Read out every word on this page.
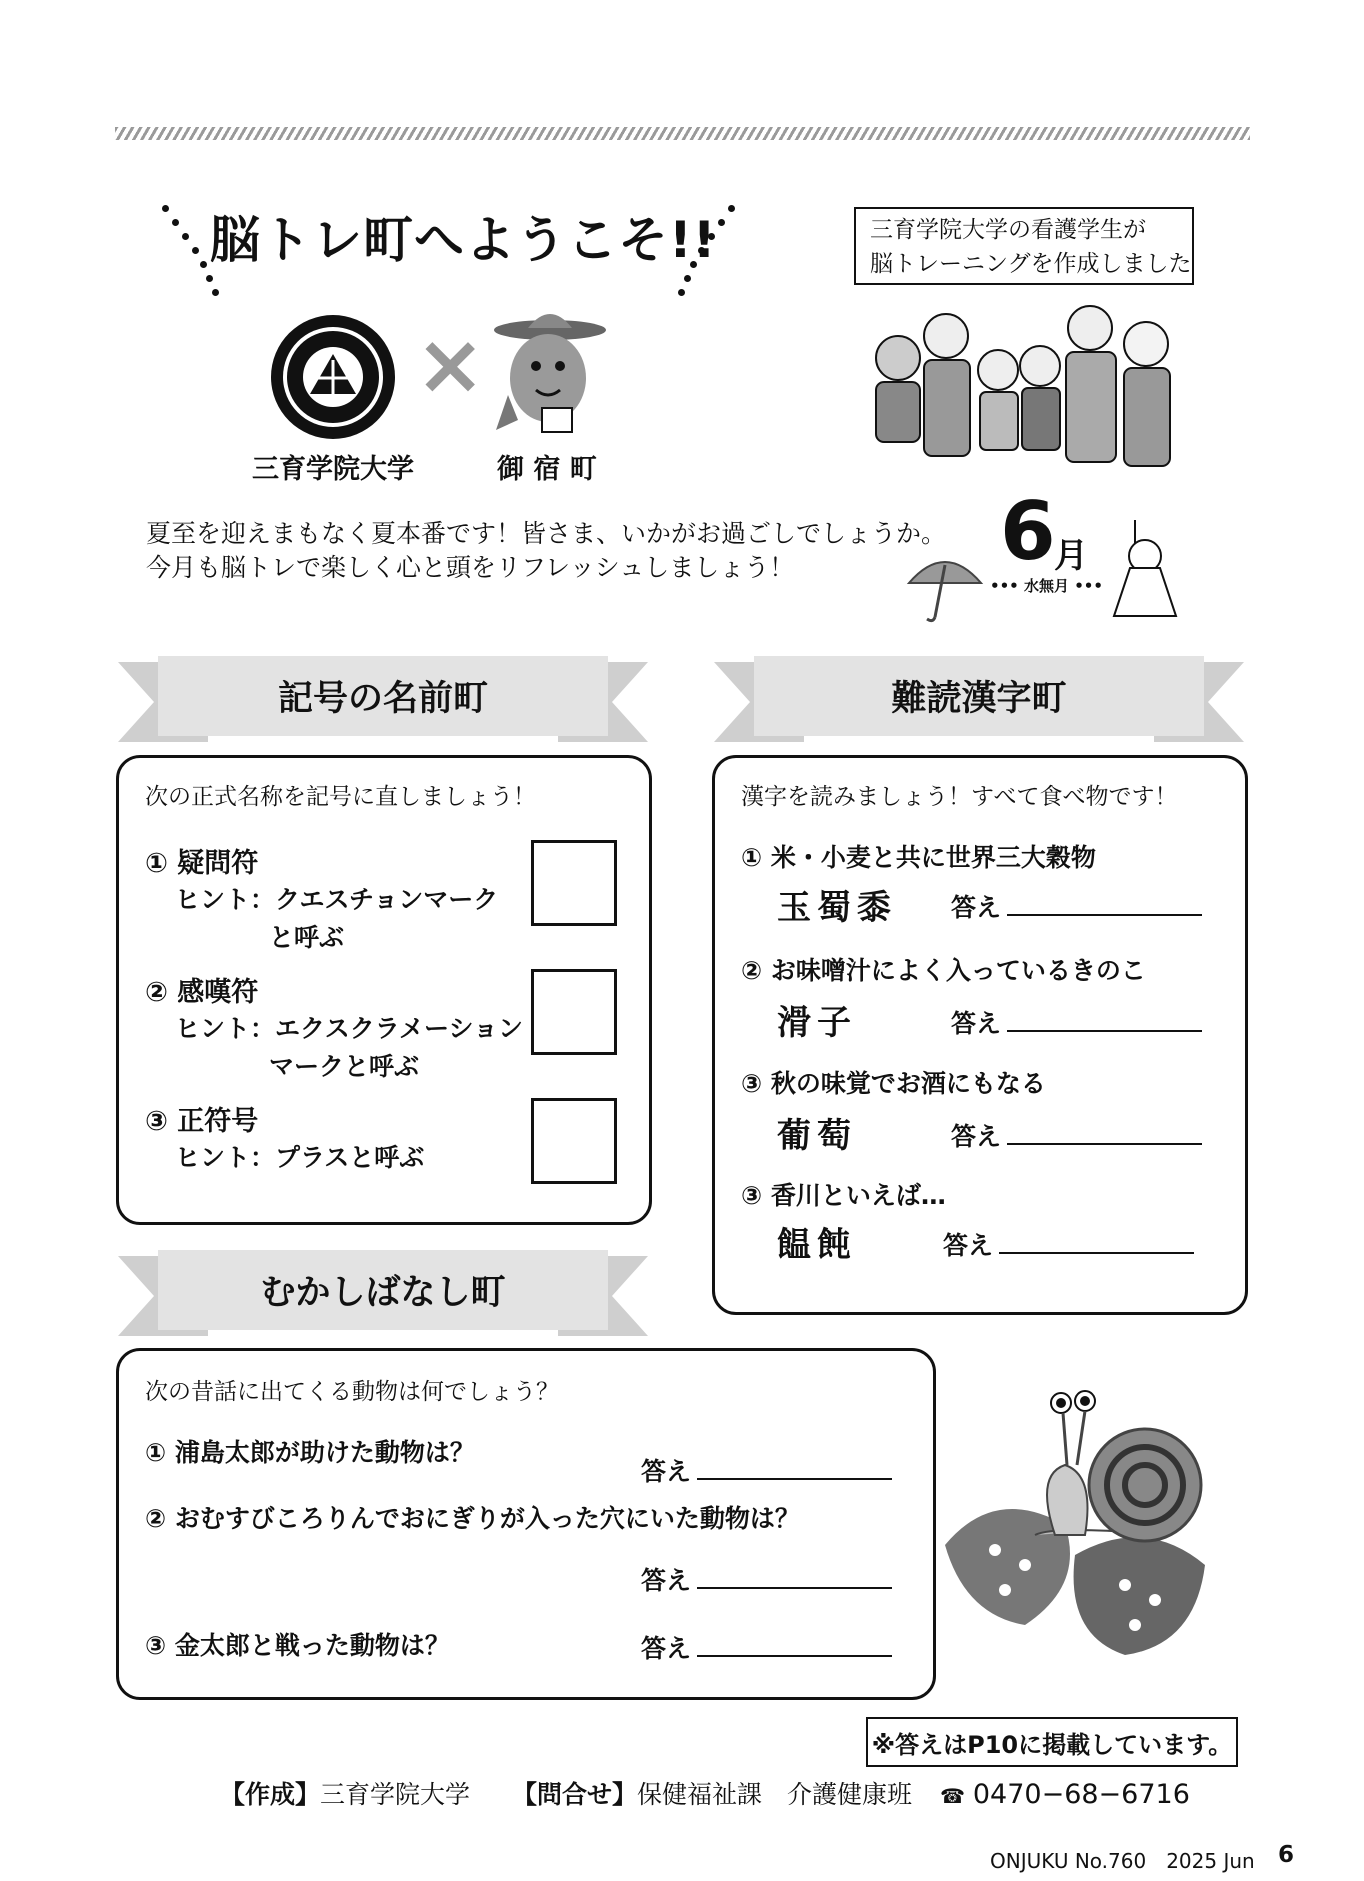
脳トレ町へようこそ!!	三育学院大学の看護学生が
脳トレーニングを作成しました
×
三育学院大学	御 宿 町
夏至を迎えまもなく夏本番です！皆さま、いかがお過ごしでしょうか。
今月も脳トレで楽しく心と頭をリフレッシュしましょう！	6
月
••• 水無月 •••
記号の名前町
次の正式名称を記号に直しましょう！
① 疑問符
ヒント：クエスチョンマーク
と呼ぶ
② 感嘆符
ヒント：エクスクラメーション
マークと呼ぶ
③ 正符号
ヒント：プラスと呼ぶ
難読漢字町
漢字を読みましょう！すべて食べ物です！
① 米・小麦と共に世界三大穀物
玉蜀黍 答え
② お味噌汁によく入っているきのこ
滑子	答え
③ 秋の味覚でお酒にもなる
葡萄	答え
③ 香川といえば…
饂飩	答え
むかしばなし町
次の昔話に出てくる動物は何でしょう？
① 浦島太郎が助けた動物は？
答え
② おむすびころりんでおにぎりが入った穴にいた動物は？
答え
③ 金太郎と戦った動物は？	答え
※答えはP10に掲載しています。
【作成】三育学院大学 【問合せ】保健福祉課　介護健康班 ☎ 0470−68−6716
ONJUKU No.760　2025 Jun 6
